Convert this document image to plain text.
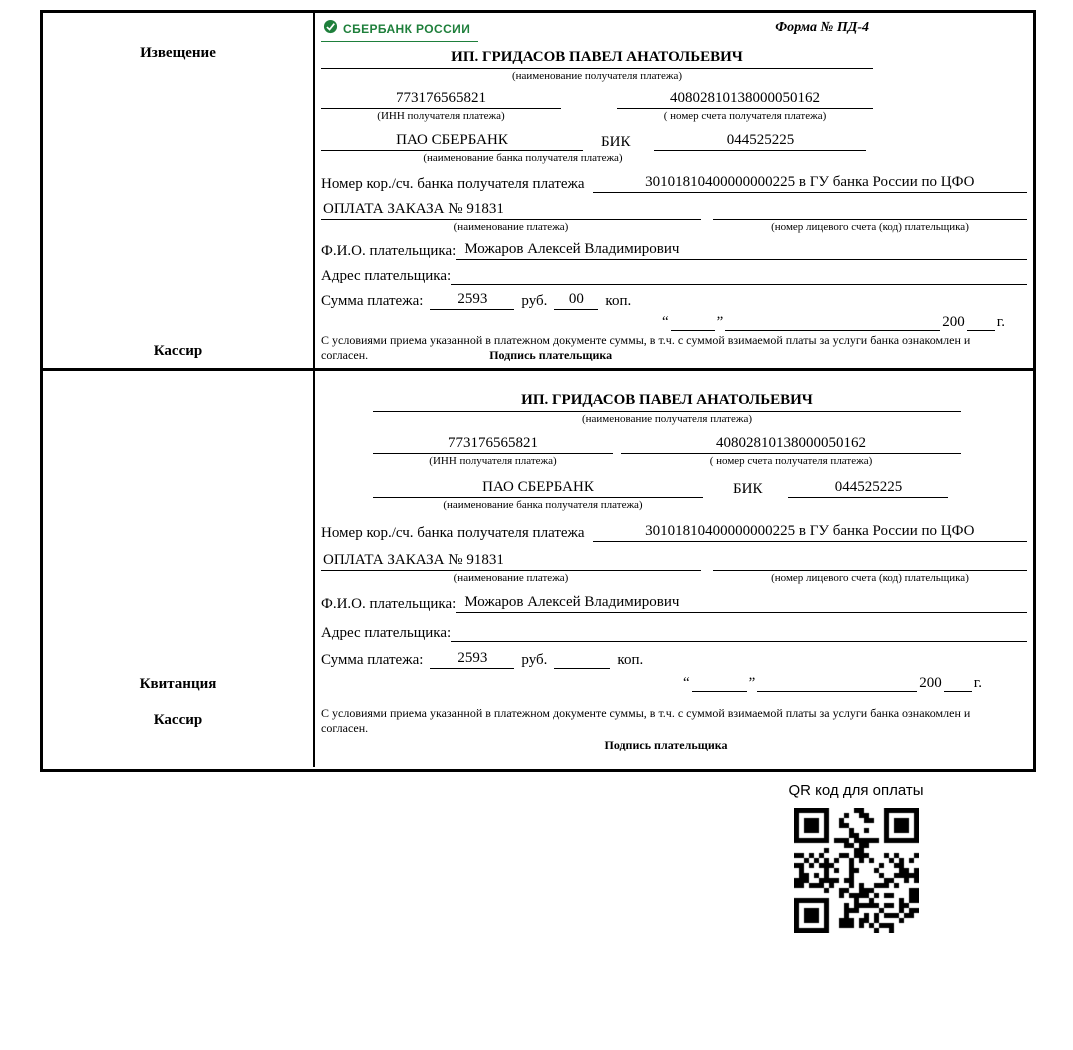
Извещение
Кассир
СБЕРБАНК РОССИИ	Форма № ПД-4
ИП. ГРИДАСОВ ПАВЕЛ АНАТОЛЬЕВИЧ
(наименование получателя платежа)
773176565821	40802810138000050162
(ИНН получателя платежа)	( номер счета получателя платежа)
ПАО СБЕРБАНК	БИК	044525225
(наименование банка получателя платежа)
Номер кор./сч. банка получателя платежа	30101810400000000225 в ГУ банка России по ЦФО
ОПЛАТА ЗАКАЗА № 91831
(наименование платежа)	(номер лицевого счета (код) плательщика)
Ф.И.О. плательщика: Можаров Алексей Владимирович
Адрес плательщика:
Сумма платежа:	2593	руб.	00	коп.
“	”	200 г.
С условиями приема указанной в платежном документе суммы, в т.ч. с суммой взимаемой платы за услуги банка ознакомлен и согласен.	Подпись плательщика
Квитанция
Кассир
ИП. ГРИДАСОВ ПАВЕЛ АНАТОЛЬЕВИЧ
(наименование получателя платежа)
773176565821	40802810138000050162
(ИНН получателя платежа)	( номер счета получателя платежа)
ПАО СБЕРБАНК	БИК	044525225
(наименование банка получателя платежа)
Номер кор./сч. банка получателя платежа	30101810400000000225 в ГУ банка России по ЦФО
ОПЛАТА ЗАКАЗА № 91831
(наименование платежа)	(номер лицевого счета (код) плательщика)
Ф.И.О. плательщика: Можаров Алексей Владимирович
Адрес плательщика:
Сумма платежа:	2593	руб.	коп.
“	”	200 г.
С условиями приема указанной в платежном документе суммы, в т.ч. с суммой взимаемой платы за услуги банка ознакомлен и согласен.
Подпись плательщика
QR код для оплаты
